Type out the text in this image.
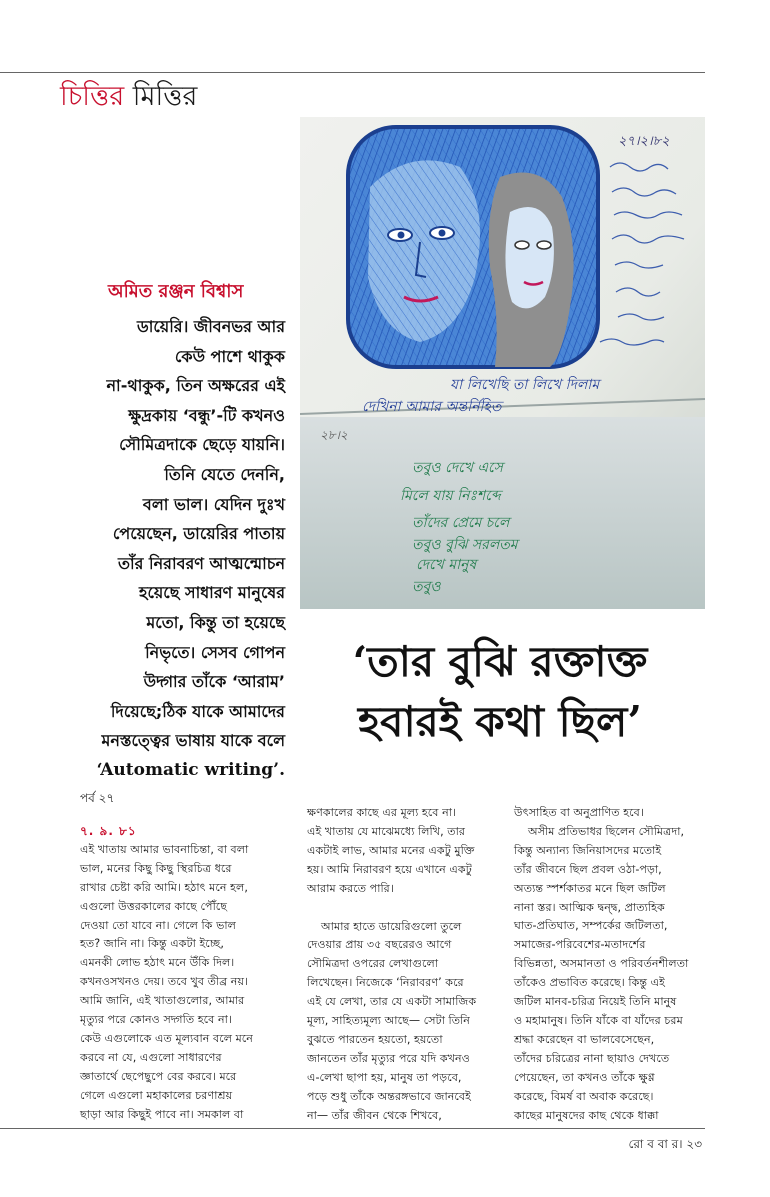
চিত্তির মিত্তির
২৭।২।৮২
যা লিখেছি তা লিখে দিলাম
দেখিনা আমার অন্তর্নিহিত
২৮।২
তবুও দেখে এসে
মিলে যায় নিঃশব্দে
তাঁদের প্রেমে চলে
তবুও বুঝি সরলতম
দেখে মানুষ
তবুও
অমিত রঞ্জন বিশ্বাস
ডায়েরি। জীবনভর আর
কেউ পাশে থাকুক
না-থাকুক, তিন অক্ষরের এই
ক্ষুদ্রকায় ‘বন্ধু’-টি কখনও
সৌমিত্রদাকে ছেড়ে যায়নি।
তিনি যেতে দেননি,
বলা ভাল। যেদিন দুঃখ
পেয়েছেন, ডায়েরির পাতায়
তাঁর নিরাবরণ আত্মন্মোচন
হয়েছে সাধারণ মানুষের
মতো, কিন্তু তা হয়েছে
নিভৃতে। সেসব গোপন
উদ্গার তাঁকে ‘আরাম’
দিয়েছে;ঠিক যাকে আমাদের
মনস্তত্ত্বের ভাষায় যাকে বলে
‘Automatic writing’.
‘তার বুঝি রক্তাক্ত
হবারই কথা ছিল’
পর্ব ২৭

৭. ৯. ৮১

এই খাতায় আমার ভাবনাচিন্তা, বা বলা

ভাল, মনের কিছু কিছু স্থিরচিত্র ধরে

রাখার চেষ্টা করি আমি। হঠাৎ মনে হল,

এগুলো উত্তরকালের কাছে পৌঁছে

দেওয়া তো যাবে না। গেলে কি ভাল

হত? জানি না। কিন্তু একটা ইচ্ছে,

এমনকী লোভ হঠাৎ মনে উঁকি দিল।

কখনওসখনও দেয়। তবে খুব তীব্র নয়।

আমি জানি, এই খাতাগুলোর, আমার

মৃত্যুর পরে কোনও সদ্গতি হবে না।

কেউ এগুলোকে এত মূল্যবান বলে মনে

করবে না যে, এগুলো সাধারণের

জ্ঞাতার্থে ছেপেছুপে বের করবে। মরে

গেলে এগুলো মহাকালের চরণাশ্রয়

ছাড়া আর কিছুই পাবে না। সমকাল বা

ক্ষণকালের কাছে এর মূল্য হবে না।

এই খাতায় যে মাঝেমধ্যে লিখি, তার

একটাই লাভ, আমার মনের একটু মুক্তি

হয়। আমি নিরাবরণ হয়ে এখানে একটু

আরাম করতে পারি।

আমার হাতে ডায়েরিগুলো তুলে

দেওয়ার প্রায় ৩৫ বছরেরও আগে

সৌমিত্রদা ওপরের লেখাগুলো

লিখেছেন। নিজেকে ‘নিরাবরণ’ করে

এই যে লেখা, তার যে একটা সামাজিক

মূল্য, সাহিত্যমূল্য আছে— সেটা তিনি

বুঝতে পারতেন হয়তো, হয়তো

জানতেন তাঁর মৃত্যুর পরে যদি কখনও

এ-লেখা ছাপা হয়, মানুষ তা পড়বে,

পড়ে শুধু তাঁকে অন্তরঙ্গভাবে জানবেই

না— তাঁর জীবন থেকে শিখবে,

উৎসাহিত বা অনুপ্রাণিত হবে।

অসীম প্রতিভাধর ছিলেন সৌমিত্রদা,

কিন্তু অন্যান্য জিনিয়াসদের মতোই

তাঁর জীবনে ছিল প্রবল ওঠা-পড়া,

অত্যন্ত স্পর্শকাতর মনে ছিল জটিল

নানা স্তর। আত্মিক দ্বন্দ্ব, প্রাত্যহিক

ঘাত-প্রতিঘাত, সম্পর্কের জটিলতা,

সমাজের-পরিবেশের-মতাদর্শের

বিভিন্নতা, অসমানতা ও পরিবর্তনশীলতা

তাঁকেও প্রভাবিত করেছে। কিন্তু এই

জটিল মানব-চরিত্র নিয়েই তিনি মানুষ

ও মহামানুষ। তিনি যাঁকে বা যাঁদের চরম

শ্রদ্ধা করেছেন বা ভালবেসেছেন,

তাঁদের চরিত্রের নানা ছায়াও দেখতে

পেয়েছেন, তা কখনও তাঁকে ক্ষুণ্ণ

করেছে, বিমর্ষ বা অবাক করেছে।

কাছের মানুষদের কাছ থেকে ধাক্কা

রো ব বা র। ২৩
